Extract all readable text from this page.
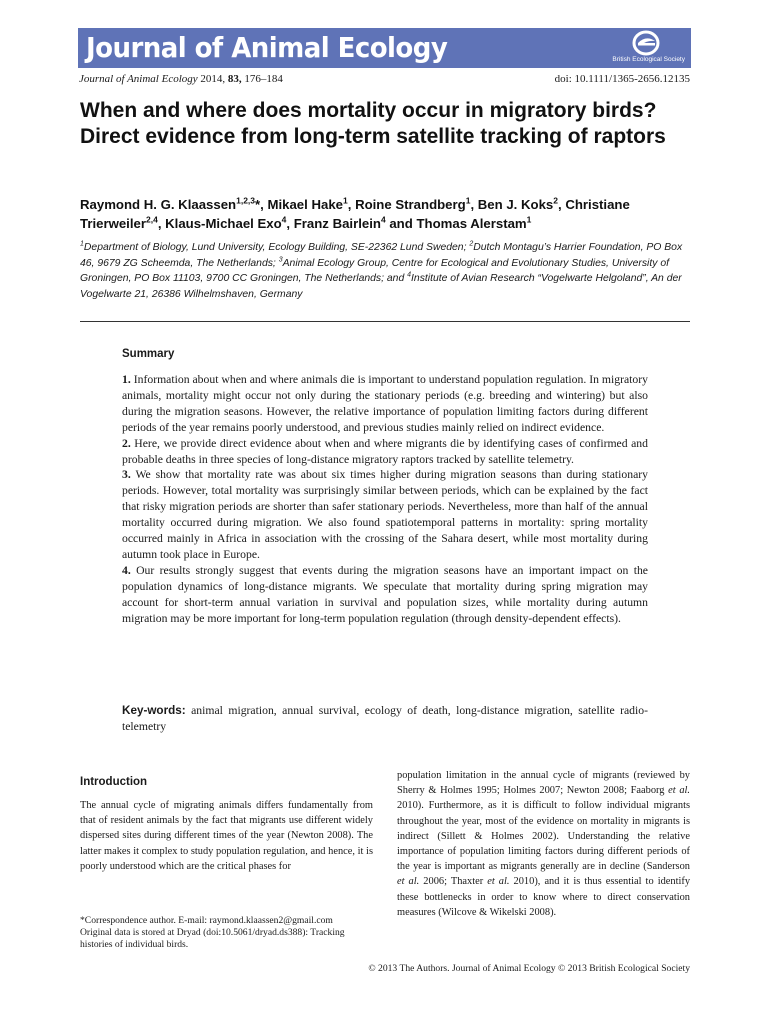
Journal of Animal Ecology	British Ecological Society
Journal of Animal Ecology 2014, 83, 176–184	doi: 10.1111/1365-2656.12135
When and where does mortality occur in migratory birds? Direct evidence from long-term satellite tracking of raptors
Raymond H. G. Klaassen$^{1,2,3}$*, Mikael Hake$^1$, Roine Strandberg$^1$, Ben J. Koks$^2$, Christiane Trierweiler$^{2,4}$, Klaus-Michael Exo$^4$, Franz Bairlein$^4$ and Thomas Alerstam$^1$
$^1$Department of Biology, Lund University, Ecology Building, SE-22362 Lund Sweden; $^2$Dutch Montagu’s Harrier Foundation, PO Box 46, 9679 ZG Scheemda, The Netherlands; $^3$Animal Ecology Group, Centre for Ecological and Evolutionary Studies, University of Groningen, PO Box 11103, 9700 CC Groningen, The Netherlands; and $^4$Institute of Avian Research “Vogelwarte Helgoland”, An der Vogelwarte 21, 26386 Wilhelmshaven, Germany
Summary
1. Information about when and where animals die is important to understand population regulation. In migratory animals, mortality might occur not only during the stationary periods (e.g. breeding and wintering) but also during the migration seasons. However, the relative importance of population limiting factors during different periods of the year remains poorly understood, and previous studies mainly relied on indirect evidence.
2. Here, we provide direct evidence about when and where migrants die by identifying cases of confirmed and probable deaths in three species of long-distance migratory raptors tracked by satellite telemetry.
3. We show that mortality rate was about six times higher during migration seasons than during stationary periods. However, total mortality was surprisingly similar between periods, which can be explained by the fact that risky migration periods are shorter than safer stationary periods. Nevertheless, more than half of the annual mortality occurred during migration. We also found spatiotemporal patterns in mortality: spring mortality occurred mainly in Africa in association with the crossing of the Sahara desert, while most mortality during autumn took place in Europe.
4. Our results strongly suggest that events during the migration seasons have an important impact on the population dynamics of long-distance migrants. We speculate that mortality during spring migration may account for short-term annual variation in survival and population sizes, while mortality during autumn migration may be more important for long-term population regulation (through density-dependent effects).
Key-words: animal migration, annual survival, ecology of death, long-distance migration, satellite radio-telemetry
Introduction
The annual cycle of migrating animals differs fundamentally from that of resident animals by the fact that migrants use different widely dispersed sites during different times of the year (Newton 2008). The latter makes it complex to study population regulation, and hence, it is poorly understood which are the critical phases for
population limitation in the annual cycle of migrants (reviewed by Sherry & Holmes 1995; Holmes 2007; Newton 2008; Faaborg et al. 2010). Furthermore, as it is difficult to follow individual migrants throughout the year, most of the evidence on mortality in migrants is indirect (Sillett & Holmes 2002). Understanding the relative importance of population limiting factors during different periods of the year is important as migrants generally are in decline (Sanderson et al. 2006; Thaxter et al. 2010), and it is thus essential to identify these bottlenecks in order to know where to direct conservation measures (Wilcove & Wikelski 2008).
*Correspondence author. E-mail: raymond.klaassen2@gmail.com
Original data is stored at Dryad (doi:10.5061/dryad.ds388): Tracking histories of individual birds.
© 2013 The Authors. Journal of Animal Ecology © 2013 British Ecological Society
